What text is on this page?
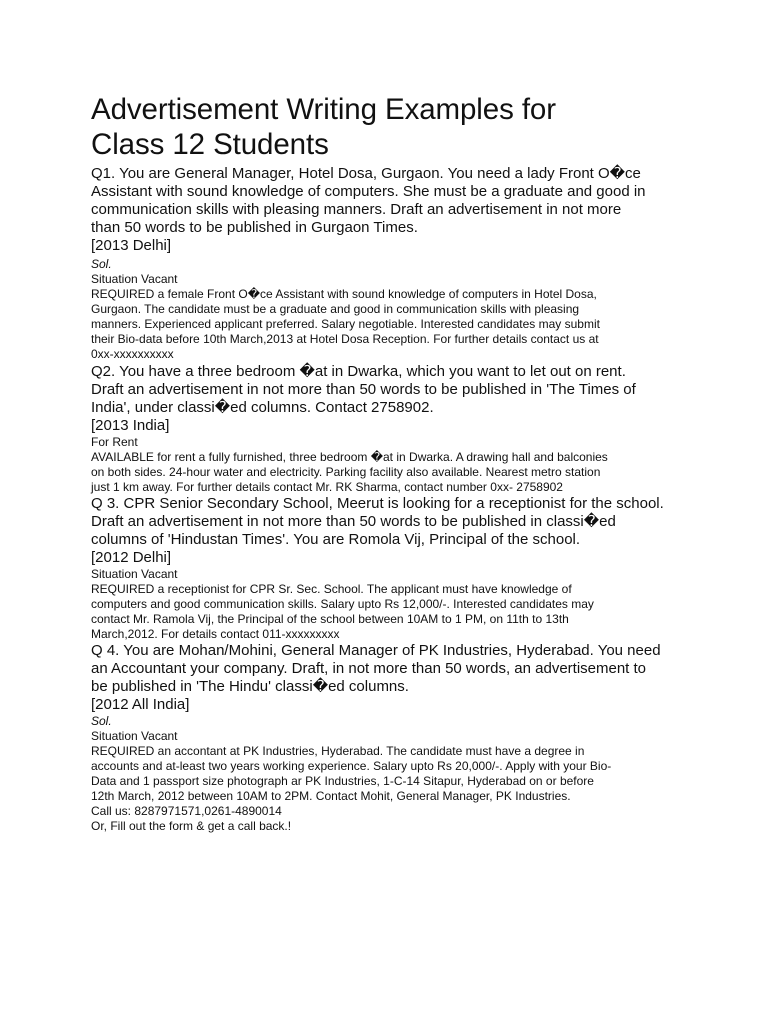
Advertisement Writing Examples for
Class 12 Students

Q1. You are General Manager, Hotel Dosa, Gurgaon. You need a lady Front O�ce

Assistant with sound knowledge of computers. She must be a graduate and good in

communication skills with pleasing manners. Draft an advertisement in not more

than 50 words to be published in Gurgaon Times.

[2013 Delhi]

Sol.

Situation Vacant

REQUIRED a female Front O�ce Assistant with sound knowledge of computers in Hotel Dosa,

Gurgaon. The candidate must be a graduate and good in communication skills with pleasing

manners. Experienced applicant preferred. Salary negotiable. Interested candidates may submit

their Bio-data before 10th March,2013 at Hotel Dosa Reception. For further details contact us at

0xx-xxxxxxxxxx

Q2. You have a three bedroom �at in Dwarka, which you want to let out on rent.

Draft an advertisement in not more than 50 words to be published in 'The Times of

India', under classi�ed columns. Contact 2758902.

[2013 India]

For Rent

AVAILABLE for rent a fully furnished, three bedroom �at in Dwarka. A drawing hall and balconies

on both sides. 24-hour water and electricity. Parking facility also available. Nearest metro station

just 1 km away. For further details contact Mr. RK Sharma, contact number 0xx- 2758902

Q 3. CPR Senior Secondary School, Meerut is looking for a receptionist for the school.

Draft an advertisement in not more than 50 words to be published in classi�ed

columns of 'Hindustan Times'. You are Romola Vij, Principal of the school.

[2012 Delhi]

Situation Vacant

REQUIRED a receptionist for CPR Sr. Sec. School. The applicant must have knowledge of

computers and good communication skills. Salary upto Rs 12,000/-. Interested candidates may

contact Mr. Ramola Vij, the Principal of the school between 10AM to 1 PM, on 11th to 13th

March,2012. For details contact 011-xxxxxxxxx

Q 4. You are Mohan/Mohini, General Manager of PK Industries, Hyderabad. You need

an Accountant your company. Draft, in not more than 50 words, an advertisement to

be published in 'The Hindu' classi�ed columns.

[2012 All India]

Sol.

Situation Vacant

REQUIRED an accontant at PK Industries, Hyderabad. The candidate must have a degree in

accounts and at-least two years working experience. Salary upto Rs 20,000/-. Apply with your Bio-

Data and 1 passport size photograph ar PK Industries, 1-C-14 Sitapur, Hyderabad on or before

12th March, 2012 between 10AM to 2PM. Contact Mohit, General Manager, PK Industries.

Call us: 8287971571,0261-4890014

Or, Fill out the form & get a call back.!
